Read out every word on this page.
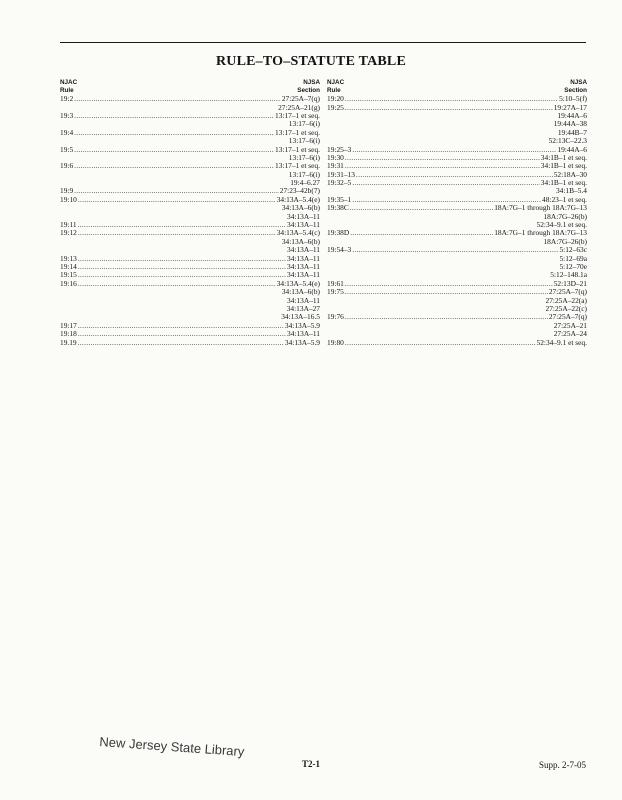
RULE–TO–STATUTE TABLE
NJAC
Rule
NJSA
Section
19:2 .....	27:25A–7(q)
27:25A–21(g)
19:3 .....	13:17–1 et seq.
13:17–6(i)
19:4 .....	13:17–1 et seq.
13:17–6(i)
19:5 .....	13:17–1 et seq.
13:17–6(i)
19:6 .....	13:17–1 et seq.
13:17–6(i)
19:4–6.27
19:9 .....	27:23–42b(7)
19:10 .....	34:13A–5.4(e)
34:13A–6(b)
34:13A–11
19:11 .....	34:13A–11
19:12 .....	34:13A–5.4(c)
34:13A–6(b)
34:13A–11
19:13 .....	34:13A–11
19:14 .....	34:13A–11
19:15 .....	34:13A–11
19:16 .....	34:13A–5.4(e)
34:13A–6(b)
34:13A–11
34:13A–27
34:13A–16.5
19:17 .....	34:13A–5.9
19:18 .....	34:13A–11
19.19 .....	34:13A–5.9
NJAC
Rule
NJSA
Section
19:20 .....	5:10–5(f)
19:25 .....	19:27A–17
19:44A–6
19:44A–38
19:44B–7
52:13C–22.3
19:25–3 .....	19:44A–6
19:30 .....	34:1B–1 et seq.
19:31 .....	34:1B–1 et seq.
19:31–13 .....	52:18A–30
19:32–5 .....	34:1B–1 et seq.
34:1B–5.4
19:35–1 .....	48:23–1 et seq.
19:38C .....	18A:7G–1 through 18A:7G–13
18A:7G–26(b)
52:34–9.1 et seq.
19:38D .....	18A:7G–1 through 18A:7G–13
18A:7G–26(b)
19:54–3 .....	5:12–63c
5:12–69a
5:12–70e
5:12–148.1a
19:61 .....	52:13D–21
19:75 .....	27:25A–7(q)
27:25A–22(a)
27:25A–22(c)
19:76 .....	27:25A–7(q)
27:25A–21
27:25A–24
19:80 .....	52:34–9.1 et seq.
New Jersey State Library
T2-1	Supp. 2-7-05
